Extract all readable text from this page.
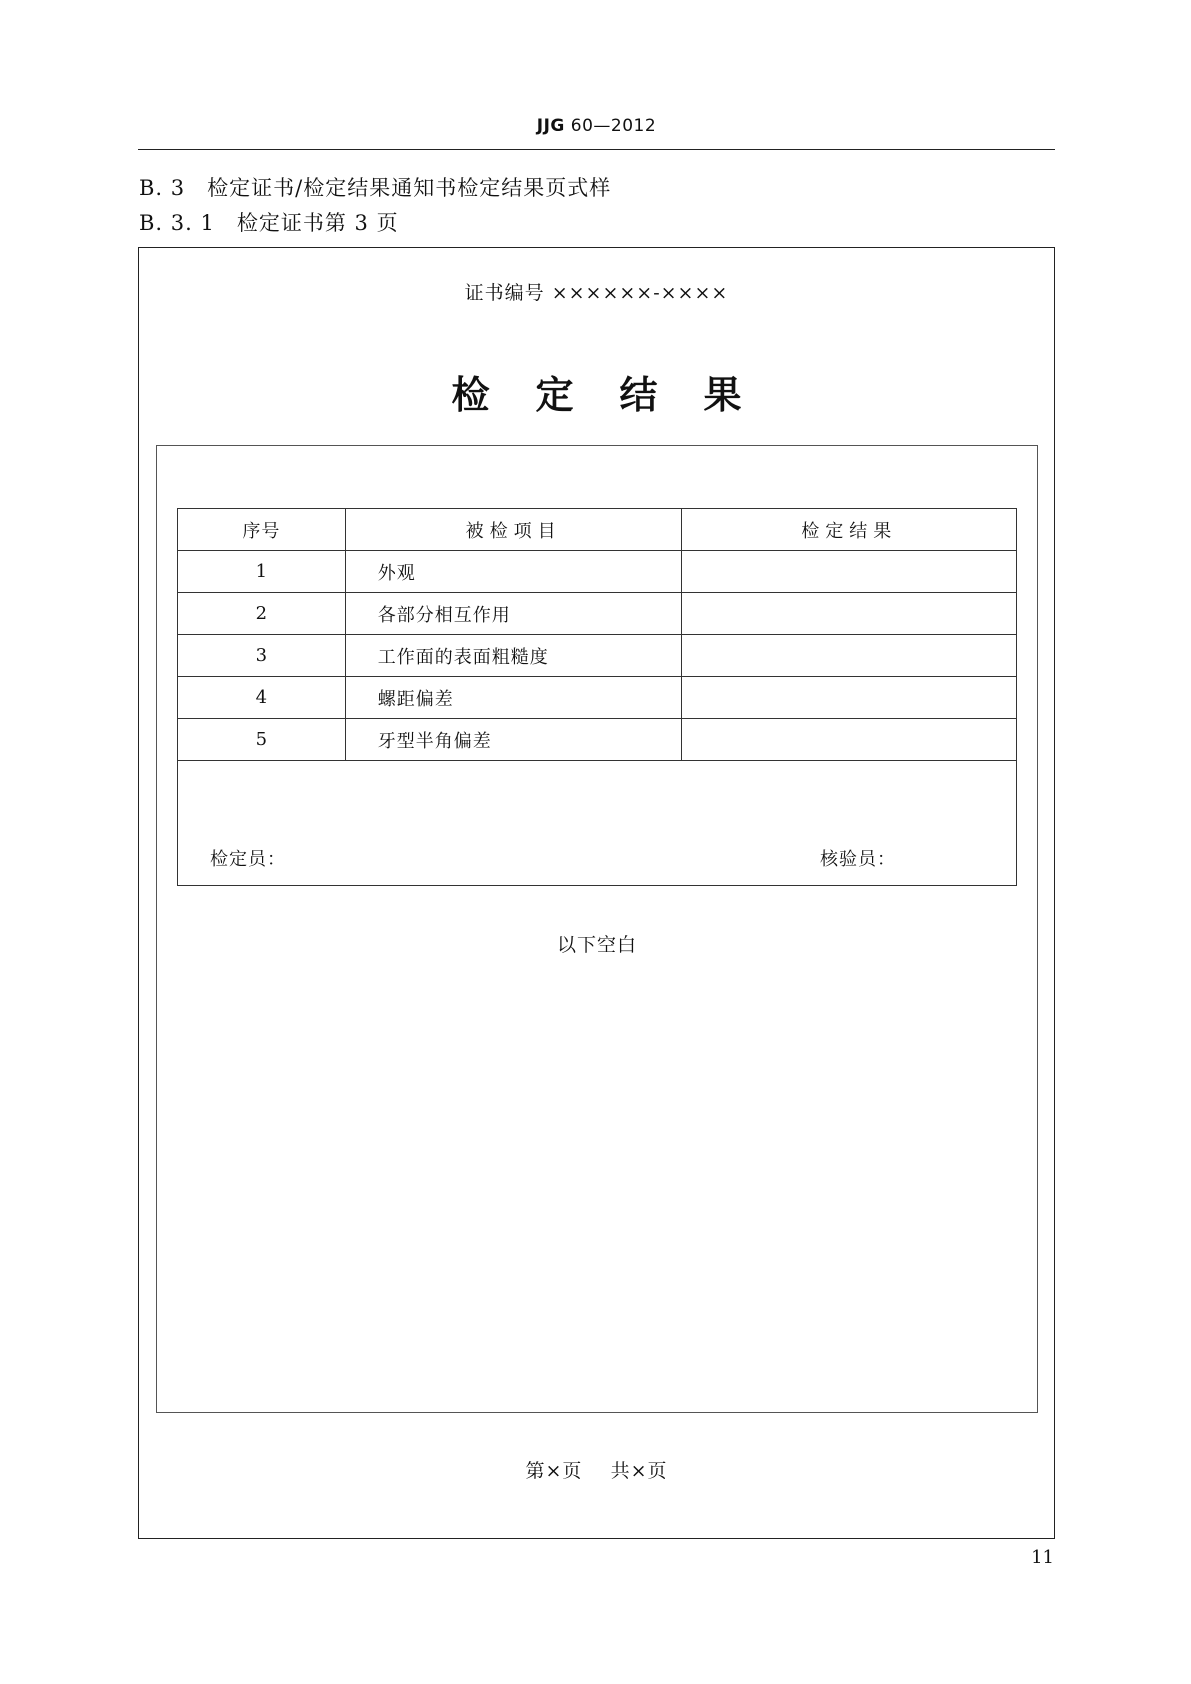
JJG 60—2012
B. 3 检定证书/检定结果通知书检定结果页式样
B. 3. 1 检定证书第 3 页
证书编号 ××××××-××××
检定结果
序号	被检项目	检定结果
1	外观	
2	各部分相互作用	
3	工作面的表面粗糙度	
4	螺距偏差	
5	牙型半角偏差	

检定员： 核验员：		
以下空白
第×页    共×页
11
